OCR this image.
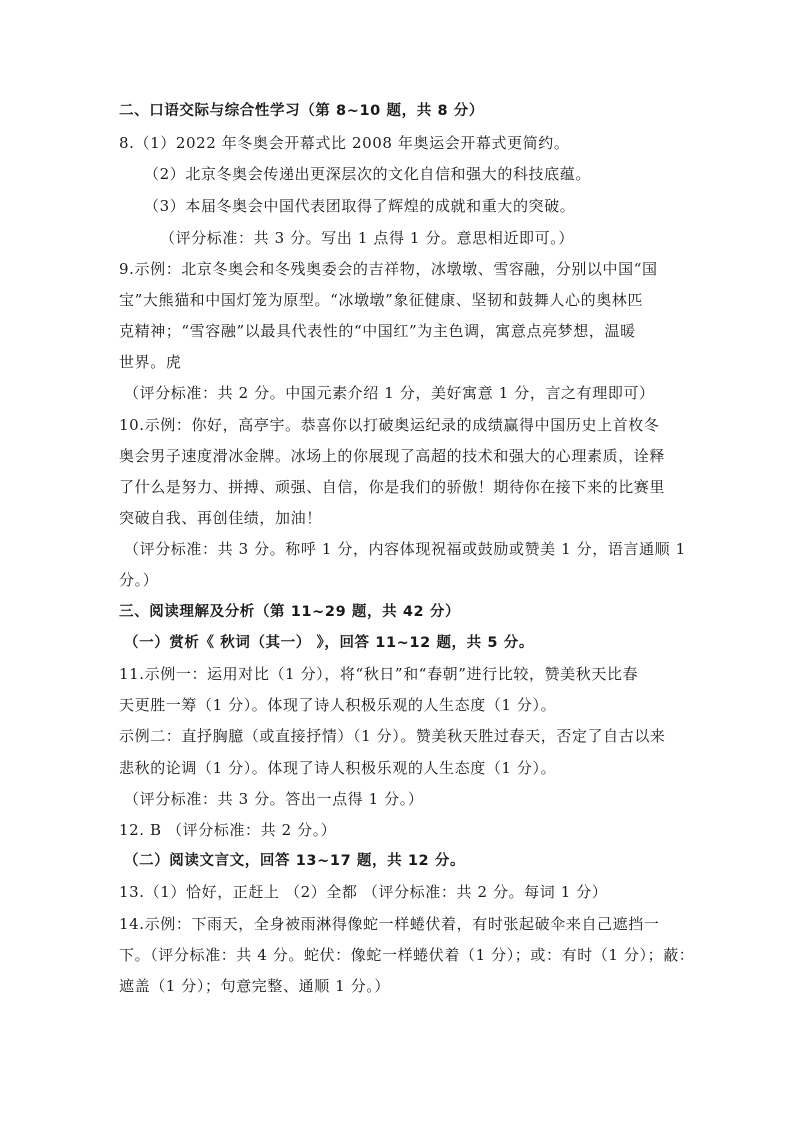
二、口语交际与综合性学习（第 8~10 题，共 8 分）
8.（1）2022 年冬奥会开幕式比 2008 年奥运会开幕式更简约。
（2）北京冬奥会传递出更深层次的文化自信和强大的科技底蕴。
（3）本届冬奥会中国代表团取得了辉煌的成就和重大的突破。
（评分标准：共 3 分。写出 1 点得 1 分。意思相近即可。）
9.示例：北京冬奥会和冬残奥委会的吉祥物，冰墩墩、雪容融，分别以中国“国
宝”大熊猫和中国灯笼为原型。“冰墩墩”象征健康、坚韧和鼓舞人心的奥林匹
克精神；“雪容融”以最具代表性的“中国红”为主色调，寓意点亮梦想，温暖
世界。虎
（评分标准：共 2 分。中国元素介绍 1 分，美好寓意 1 分，言之有理即可）
10.示例：你好，高亭宇。恭喜你以打破奥运纪录的成绩赢得中国历史上首枚冬
奥会男子速度滑冰金牌。冰场上的你展现了高超的技术和强大的心理素质，诠释
了什么是努力、拼搏、顽强、自信，你是我们的骄傲！期待你在接下来的比赛里
突破自我、再创佳绩，加油！
（评分标准：共 3 分。称呼 1 分，内容体现祝福或鼓励或赞美 1 分，语言通顺 1
分。）
三、阅读理解及分析（第 11~29 题，共 42 分）
（一）赏析《 秋词（其一） 》，回答 11~12 题，共 5 分。
11.示例一：运用对比（1 分），将“秋日”和“春朝”进行比较，赞美秋天比春
天更胜一筹（1 分）。体现了诗人积极乐观的人生态度（1 分）。
示例二：直抒胸臆（或直接抒情）（1 分）。赞美秋天胜过春天，否定了自古以来
悲秋的论调（1 分）。体现了诗人积极乐观的人生态度（1 分）。
（评分标准：共 3 分。答出一点得 1 分。）
12. B （评分标准：共 2 分。）
（二）阅读文言文，回答 13~17 题，共 12 分。
13.（1）恰好，正赶上 （2）全都 （评分标准：共 2 分。每词 1 分）
14.示例：下雨天，全身被雨淋得像蛇一样蜷伏着，有时张起破伞来自己遮挡一
下。（评分标准：共 4 分。蛇伏：像蛇一样蜷伏着（1 分）；或：有时（1 分）；蔽：
遮盖（1 分）；句意完整、通顺 1 分。）
